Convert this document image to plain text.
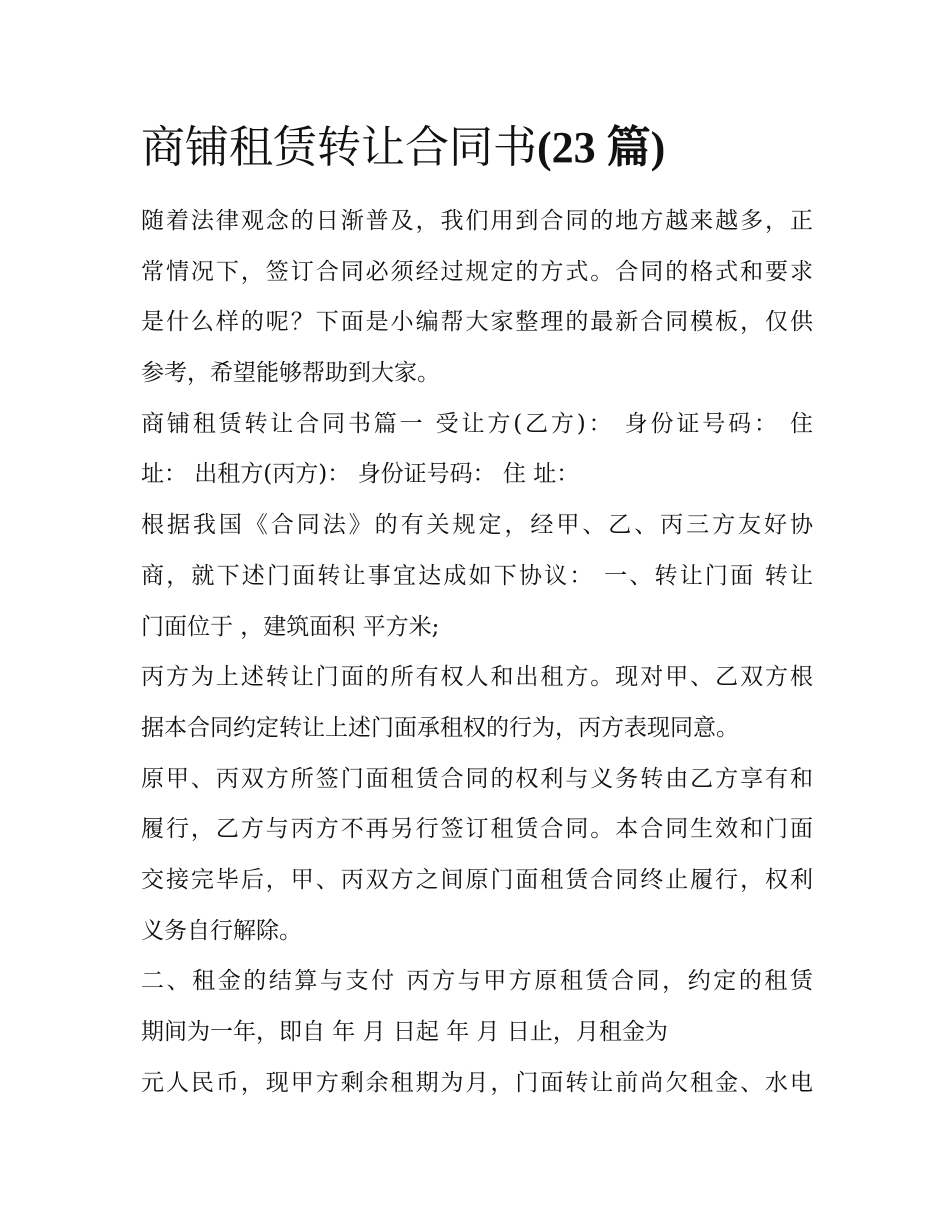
商铺租赁转让合同书(23 篇)
随着法律观念的日渐普及，我们用到合同的地方越来越多，正
常情况下，签订合同必须经过规定的方式。合同的格式和要求
是什么样的呢？下面是小编帮大家整理的最新合同模板，仅供
参考，希望能够帮助到大家。
商铺租赁转让合同书篇一 受让方(乙方)： 身份证号码： 住
址： 出租方(丙方)： 身份证号码： 住 址：
根据我国《合同法》的有关规定，经甲、乙、丙三方友好协
商，就下述门面转让事宜达成如下协议： 一、转让门面 转让
门面位于 ，建筑面积 平方米;
丙方为上述转让门面的所有权人和出租方。现对甲、乙双方根
据本合同约定转让上述门面承租权的行为，丙方表现同意。
原甲、丙双方所签门面租赁合同的权利与义务转由乙方享有和
履行，乙方与丙方不再另行签订租赁合同。本合同生效和门面
交接完毕后，甲、丙双方之间原门面租赁合同终止履行，权利
义务自行解除。
二、租金的结算与支付 丙方与甲方原租赁合同，约定的租赁
期间为一年，即自 年 月 日起 年 月 日止，月租金为
元人民币，现甲方剩余租期为月，门面转让前尚欠租金、水电
